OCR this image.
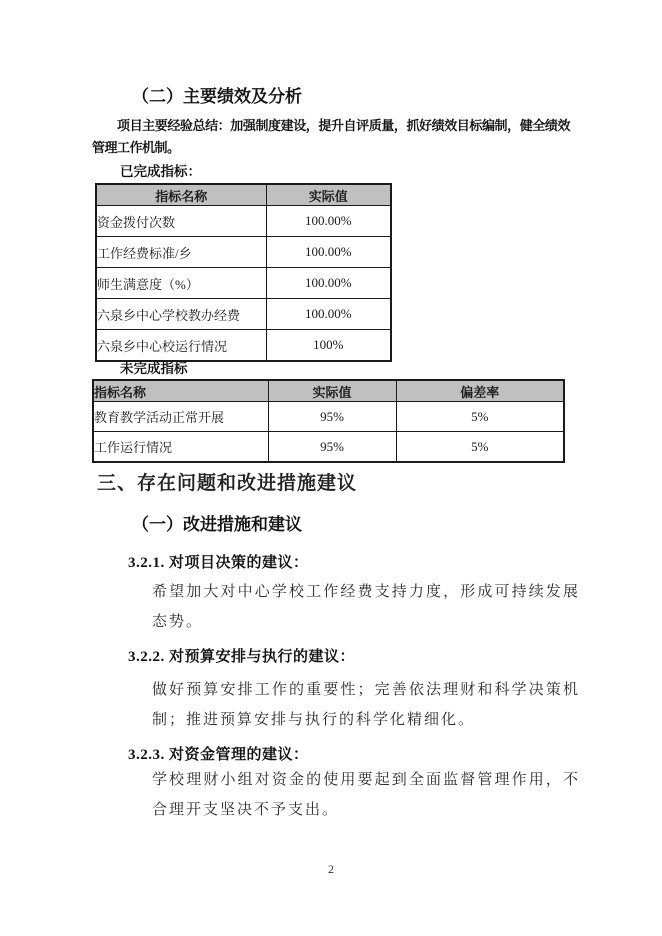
（二）主要绩效及分析
项目主要经验总结：加强制度建设，提升自评质量，抓好绩效目标编制，健全绩效管理工作机制。
已完成指标：
指标名称	实际值
资金拨付次数	100.00%
工作经费标准/乡	100.00%
师生满意度（%）	100.00%
六泉乡中心学校教办经费	100.00%
六泉乡中心校运行情况	100%
未完成指标
指标名称	实际值	偏差率
教育教学活动正常开展	95%	5%
工作运行情况	95%	5%
三、存在问题和改进措施建议
（一）改进措施和建议
3.2.1. 对项目决策的建议：
希望加大对中心学校工作经费支持力度，形成可持续发展态势。
3.2.2. 对预算安排与执行的建议：
做好预算安排工作的重要性；完善依法理财和科学决策机制；推进预算安排与执行的科学化精细化。
3.2.3. 对资金管理的建议：
学校理财小组对资金的使用要起到全面监督管理作用，不合理开支坚决不予支出。
2
